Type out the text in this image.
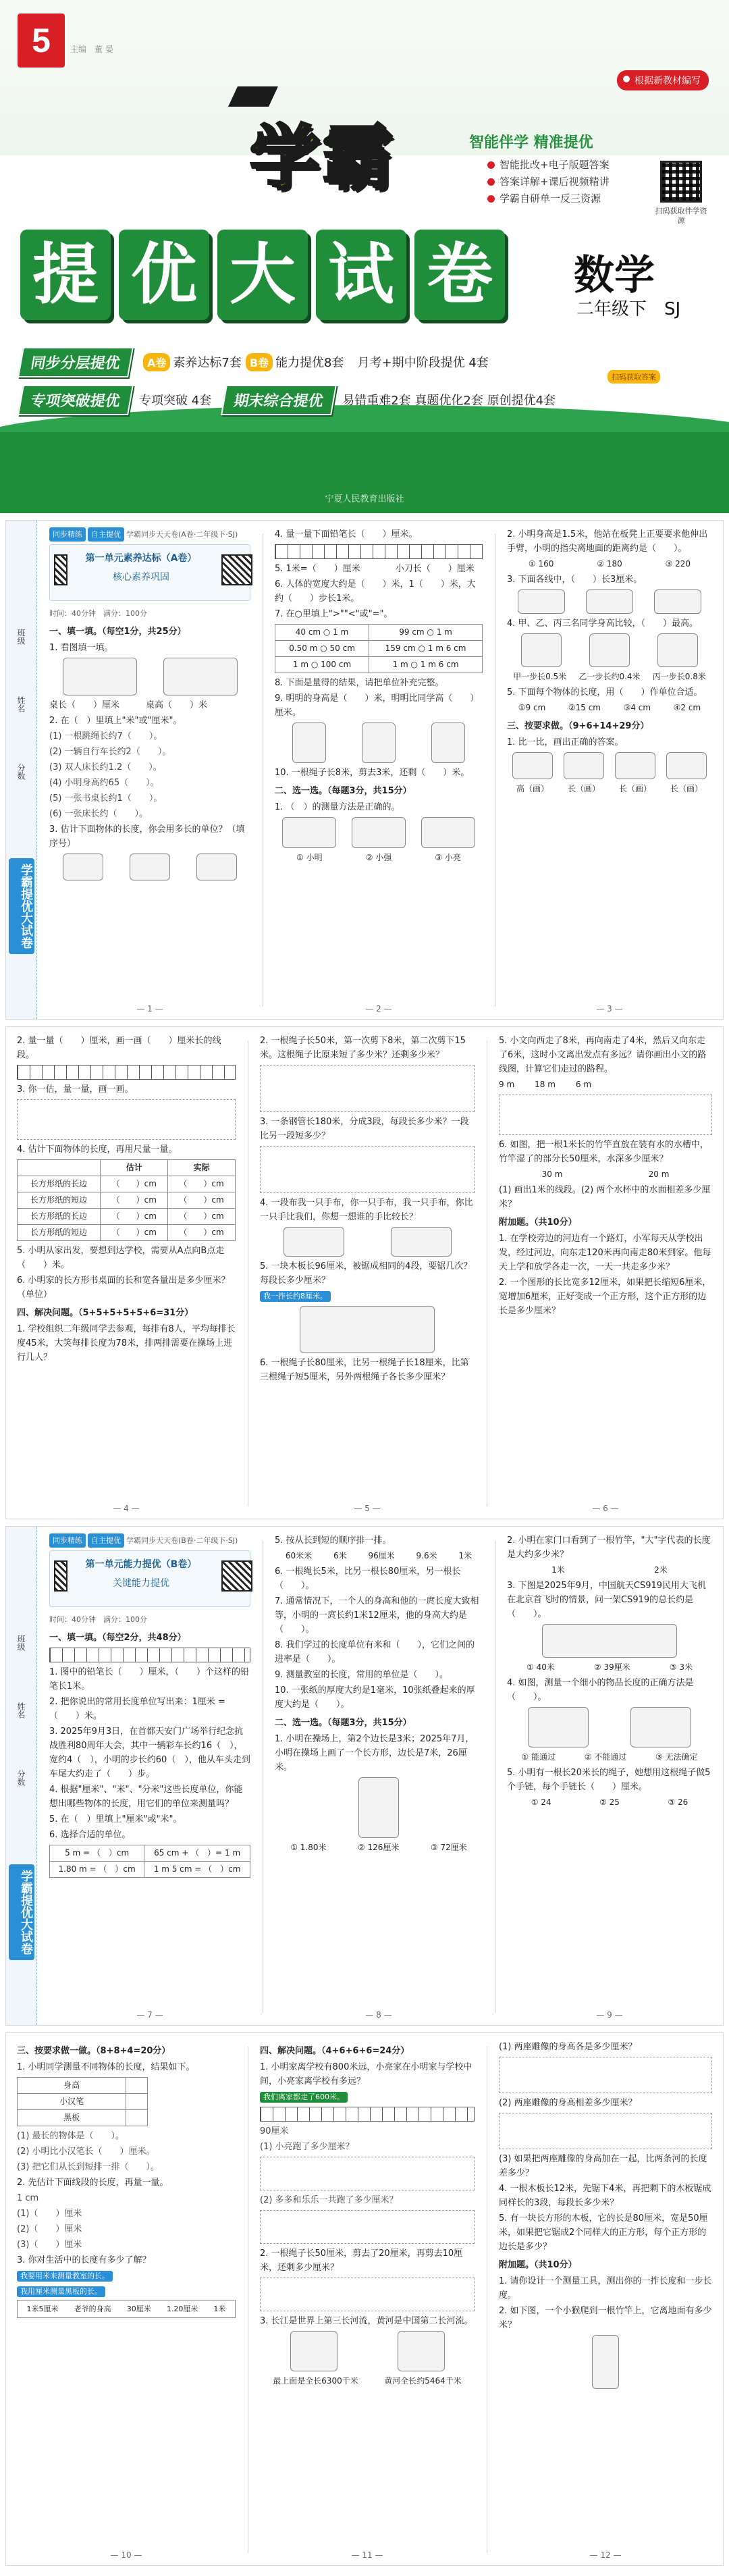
5	主编　董 晏
根据新教材编写
学霸	智能伴学 精准提优
智能批改+电子版题答案
答案详解+课后视频精讲
学霸自研单一反三资源
扫码获取伴学资源
提 优 大 试 卷	数学
二年级下　SJ
同步分层提优	A卷 素养达标7套 B卷 能力提优8套 月考+期中阶段提优 4套
扫码获取答案
专项突破提优	专项突破 4套	期末综合提优	易错重难2套 真题优化2套 原创提优4套
宁夏人民教育出版社
班级
姓名
分数
学霸提优大试卷

同步精练 自主提优 学霸同步天天卷(A卷·二年级下·SJ)

第一单元素养达标（A卷）
核心素养巩固

时间：40分钟　满分：100分

一、填一填。（每空1分，共25分）

1. 看图填一填。

桌长（　　）厘米　　　桌高（　　）米

2. 在（　）里填上"米"或"厘米"。

(1) 一根跳绳长约7（　　）。

(2) 一辆自行车长约2（　　）。

(3) 双人床长约1.2（　　）。

(4) 小明身高约65（　　）。

(5) 一张书桌长约1（　　）。

(6) 一张床长约（　　）。

3. 估计下面物体的长度，你会用多长的单位？（填序号）

— 1 —

4. 量一量下面铅笔长（　　）厘米。

5. 1米=（　　）厘米　　　　小刀长（　　）厘米

6. 人体的宽度大约是（　　）米，1（　　）米，大约（　　）步长1米。

7. 在○里填上">""<"或"="。

40 cm ○ 1 m	99 cm ○ 1 m
0.50 m ○ 50 cm	159 cm ○ 1 m 6 cm
1 m ○ 100 cm	1 m ○ 1 m 6 cm

8. 下面是量得的结果，请把单位补充完整。

9. 明明的身高是（　　）米，明明比同学高（　　）厘米。

10. 一根绳子长8米，剪去3米，还剩（　　）米。

二、选一选。（每题3分，共15分）

1. （　）的测量方法是正确的。

① 小明	② 小强	③ 小亮
— 2 —

2. 小明身高是1.5米，他站在板凳上正要要求他伸出手臂，小明的指尖离地面的距离约是（　　）。

① 160	② 180	③ 220

3. 下面各线中，（　　）长3厘米。

4. 甲、乙、丙三名同学身高比较，（　　）最高。

甲一步长0.5米 乙一步长约0.4米 丙一步长0.8米

5. 下面每个物体的长度，用（　　）作单位合适。

①9 cm	②15 cm	③4 cm	④2 cm

三、按要求做。（9+6+14+29分）

1. 比一比，画出正确的答案。

高（画） 长（画） 长（画） 长（画）
— 3 —

2. 量一量（　　）厘米，画一画（　　）厘米长的线段。

3. 你一估，量一量，画一画。

4. 估计下面物体的长度，再用尺量一量。

	估计	实际
长方形纸的长边	（　　）cm	（　　）cm
长方形纸的短边	（　　）cm	（　　）cm
长方形纸的长边	（　　）cm	（　　）cm
长方形纸的短边	（　　）cm	（　　）cm

5. 小明从家出发，要想到达学校，需要从A点向B点走（　　）米。

6. 小明家的长方形书桌面的长和宽各量出是多少厘米？（单位）

四、解决问题。（5+5+5+5+5+6=31分）

1. 学校组织二年级同学去参观，每排有8人，平均每排长度45米，大笑每排长度为78米，排两排需要在操场上进行几人？

— 4 —

2. 一根绳子长50米，第一次剪下8米，第二次剪下15米。这根绳子比原来短了多少米？还剩多少米？

3. 一条钢管长180米，分成3段，每段长多少米？一段比另一段短多少？

4. 一段布我一只手布，你一只手布，我一只手布，你比一只手比我们，你想一想谁的手比较长？

5. 一块木板长96厘米，被锯成相同的4段，要锯几次？每段长多少厘米？

我一拃长约8厘米。

6. 一根绳子长80厘米，比另一根绳子长18厘米，比第三根绳子短5厘米，另外两根绳子各长多少厘米？

— 5 —

5. 小文向西走了8米，再向南走了4米，然后又向东走了6米，这时小文离出发点有多远？请你画出小文的路线图，计算它们走过的路程。

9 m	18 m	6 m

6. 如图，把一根1米长的竹竿直放在装有水的水槽中，竹竿湿了的部分长50厘米，水深多少厘米？

30 m	20 m

(1) 画出1米的线段。(2) 两个水杯中的水面相差多少厘米？

附加题。（共10分）

1. 在学校旁边的河边有一个路灯，小军每天从学校出发，经过河边，向东走120米再向南走80米到家。他每天上学和放学各走一次，一天一共走多少米？

2. 一个图形的长比宽多12厘米，如果把长缩短6厘米，宽增加6厘米，正好变成一个正方形，这个正方形的边长是多少厘米？

— 6 —
班级
姓名
分数
学霸提优大试卷

同步精练 自主提优 学霸同步天天卷(B卷·二年级下·SJ)

第一单元能力提优（B卷）
关键能力提优

时间：40分钟　满分：100分

一、填一填。（每空2分，共48分）

1. 图中的铅笔长（　　）厘米，（　　）个这样的铅笔长1米。

2. 把你说出的常用长度单位写出来：1厘米 = （　　）米。

3. 2025年9月3日，在首都天安门广场举行纪念抗战胜利80周年大会，其中一辆彩车长约16（　），宽约4（　），小明的步长约60（　），他从车头走到车尾大约走了（　　）步。

4. 根据"厘米"、"米"、"分米"这些长度单位，你能想出哪些物体的长度，用它们的单位来测量吗？

5. 在（　）里填上"厘米"或"米"。

6. 选择合适的单位。

5 m = （　）cm	65 cm + （　）= 1 m
1.80 m = （　）cm	1 m 5 cm = （　）cm
— 7 —

5. 按从长到短的顺序排一排。

60米米	6米	96厘米	9.6米	1米

6. 一根绳长5米，比另一根长80厘米，另一根长（　　）。

7. 通常情况下，一个人的身高和他的一庹长度大致相等，小明的一庹长约1米12厘米，他的身高大约是（　　）。

8. 我们学过的长度单位有米和（　　），它们之间的进率是（　　）。

9. 测量教室的长度，常用的单位是（　　）。

10. 一张纸的厚度大约是1毫米，10张纸叠起来的厚度大约是（　　）。

二、选一选。（每题3分，共15分）

1. 小明在操场上，第2个边长是3米；2025年7月，小明在操场上画了一个长方形，边长是7米，26厘米。

① 1.80米	② 126厘米	③ 72厘米
— 8 —

2. 小明在家门口看到了一根竹竿，"大"字代表的长度是大约多少米？

1米	2米

3. 下图是2025年9月，中国航天CS919民用大飞机在北京首飞时的情景，问一架CS919的总长约是（　　）。

① 40米	② 39厘米	③ 3米

4. 如图，测量一个细小的物品长度的正确方法是（　　）。

① 能通过	② 不能通过	③ 无法确定

5. 小明有一根长20米长的绳子，她想用这根绳子做5个手链，每个手链长（　　）厘米。

① 24	② 25	③ 26
— 9 —

三、按要求做一做。（8+8+4=20分）

1. 小明同学测量不同物体的长度，结果如下。

身高	
小汉笔	
黑板	

(1) 最长的物体是（　　）。

(2) 小明比小汉笔长（　　）厘米。

(3) 把它们从长到短排一排（　　）。

2. 先估计下面线段的长度，再量一量。

1 cm

(1)（　　）厘米

(2)（　　）厘米

(3)（　　）厘米

3. 你对生活中的长度有多少了解？

我要用米来测量教室的长。

我用厘米测量黑板的长。

1米5厘米 老爷的身高 30厘米 1.20厘米 1米
— 10 —

四、解决问题。（4+6+6+6=24分）

1. 小明家离学校有800米远，小亮家在小明家与学校中间，小亮家离学校有多远？

我们离家都走了600米。

90厘米

(1) 小亮跑了多少厘米？

(2) 多多和乐乐一共跑了多少厘米？

2. 一根绳子长50厘米，剪去了20厘米，再剪去10厘米，还剩多少厘米？

3. 长江是世界上第三长河流，黄河是中国第二长河流。

最上面是全长6300千米	黄河全长约5464千米
— 11 —

(1) 两座雕像的身高各是多少厘米？

(2) 两座雕像的身高相差多少厘米？

(3) 如果把两座雕像的身高加在一起，比两条河的长度差多少？

4. 一根木板长12米，先锯下4米，再把剩下的木板锯成同样长的3段，每段长多少米？

5. 有一块长方形的木板，它的长是80厘米，宽是50厘米，如果把它锯成2个同样大的正方形，每个正方形的边长是多少？

附加题。（共10分）

1. 请你设计一个测量工具，测出你的一拃长度和一步长度。

2. 如下图，一个小猴爬到一根竹竿上，它离地面有多少米？

— 12 —
